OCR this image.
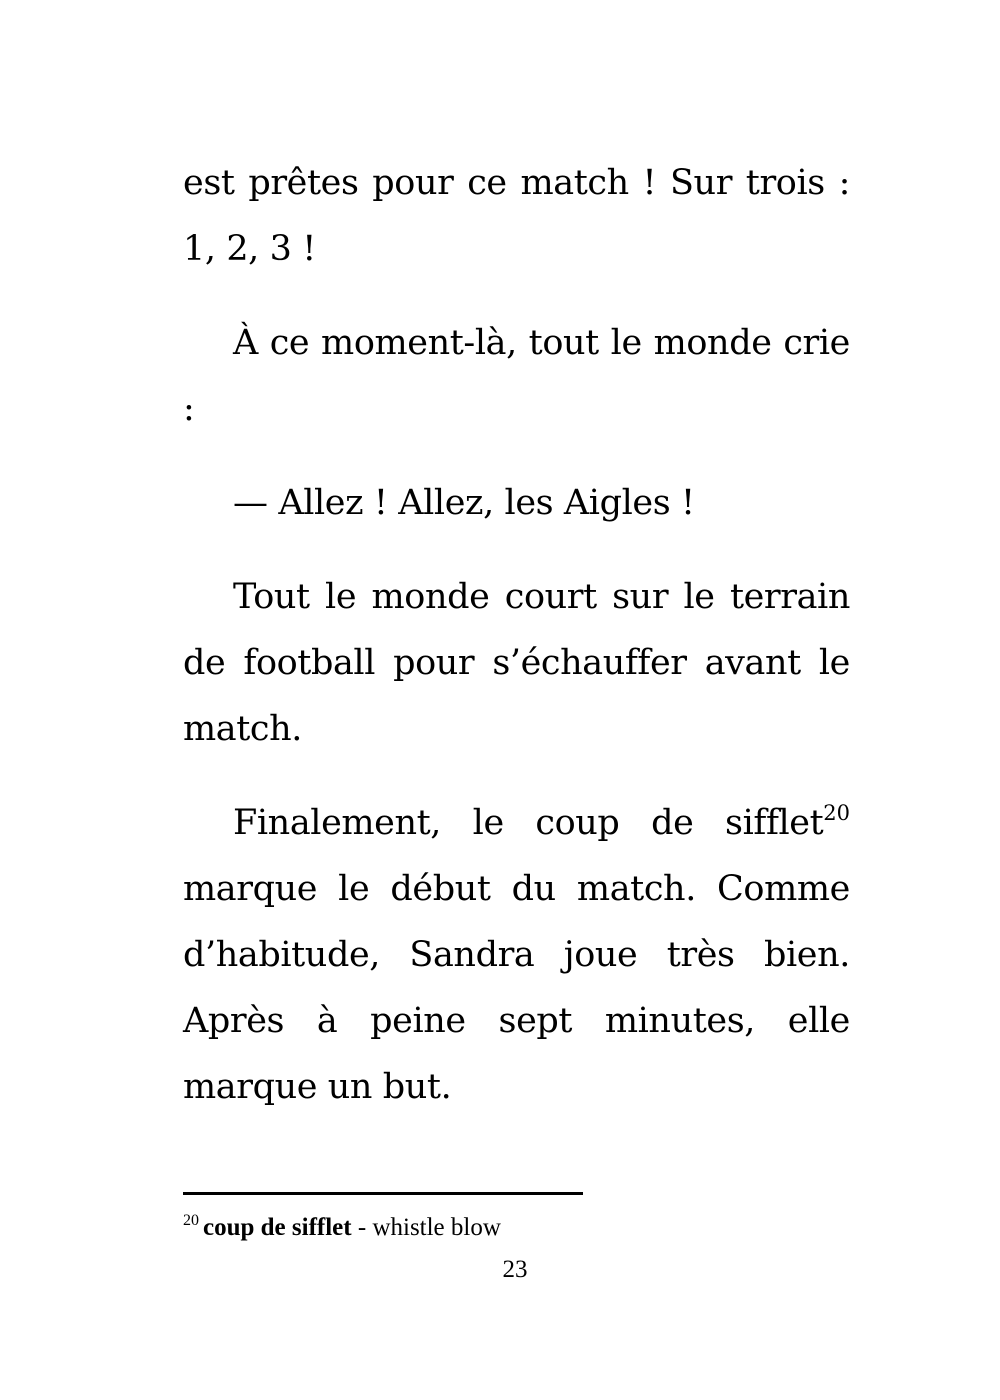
est prêtes pour ce match ! Sur trois : 1, 2, 3 !

À ce moment-là, tout le monde crie :

— Allez ! Allez, les Aigles !

Tout le monde court sur le terrain de football pour s’échauffer avant le match.

Finalement, le coup de sifflet$^{20}$ marque le début du match. Comme d’habitude, Sandra joue très bien. Après à peine sept minutes, elle marque un but.

$^{20}$ coup de sifflet - whistle blow
23
